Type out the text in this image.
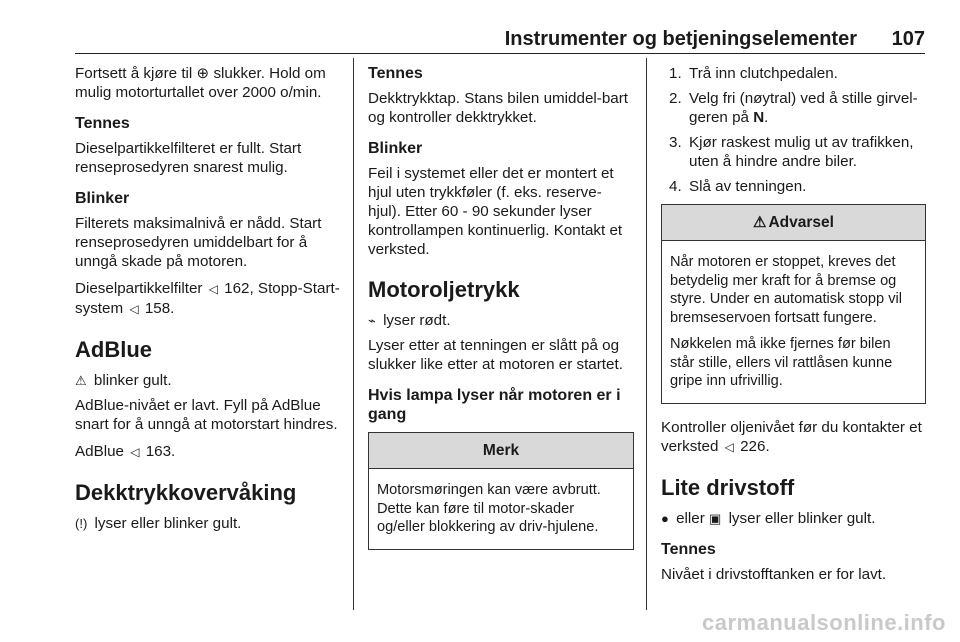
Instrumenter og betjeningselementer 107

Fortsett å kjøre til ⊕ slukker. Hold om mulig motorturtallet over 2000 o/min.

Tennes

Dieselpartikkelfilteret er fullt. Start renseprosedyren snarest mulig.

Blinker

Filterets maksimalnivå er nådd. Start renseprosedyren umiddelbart for å unngå skade på motoren.

Dieselpartikkelfilter ◁ 162, Stopp-Start-system ◁ 158.

AdBlue

⚠ blinker gult.

AdBlue-nivået er lavt. Fyll på AdBlue snart for å unngå at motorstart hindres.

AdBlue ◁ 163.

Dekktrykkovervåking

(!) lyser eller blinker gult.

Tennes

Dekktrykktap. Stans bilen umiddel-bart og kontroller dekktrykket.

Blinker

Feil i systemet eller det er montert et hjul uten trykkføler (f. eks. reserve-hjul). Etter 60 - 90 sekunder lyser kontrollampen kontinuerlig. Kontakt et verksted.

Motoroljetrykk

⌁ lyser rødt.

Lyser etter at tenningen er slått på og slukker like etter at motoren er startet.

Hvis lampa lyser når motoren er i gang
Merk

Motorsmøringen kan være avbrutt. Dette kan føre til motor-skader og/eller blokkering av driv-hjulene.

1. Trå inn clutchpedalen.
2. Velg fri (nøytral) ved å stille girvel-geren på N.
3. Kjør raskest mulig ut av trafikken, uten å hindre andre biler.
4. Slå av tenningen.
⚠ Advarsel

Når motoren er stoppet, kreves det betydelig mer kraft for å bremse og styre. Under en automatisk stopp vil bremseservoen fortsatt fungere.

Nøkkelen må ikke fjernes før bilen står stille, ellers vil rattlåsen kunne gripe inn ufrivillig.

Kontroller oljenivået før du kontakter et verksted ◁ 226.

Lite drivstoff

● eller ▣ lyser eller blinker gult.

Tennes

Nivået i drivstofftanken er for lavt.

carmanualsonline.info
